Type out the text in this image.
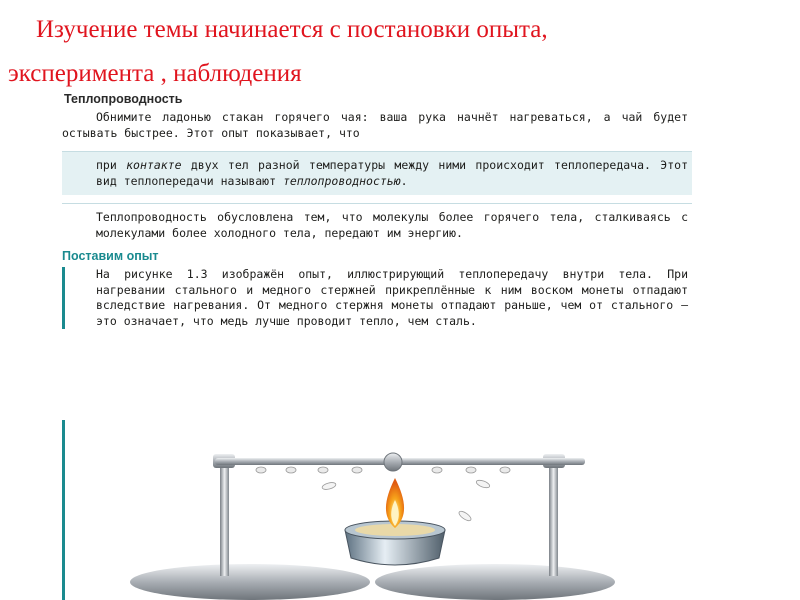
Изучение темы начинается с постановки опыта,
эксперимента , наблюдения
Теплопроводность

Обнимите ладонью стакан горячего чая: ваша рука начнёт нагреваться, а чай будет остывать быстрее. Этот опыт показывает, что

при контакте двух тел разной температуры между ними происходит теплопередача. Этот вид теплопередачи называют теплопроводностью.

Теплопроводность обусловлена тем, что молекулы более горячего тела, сталкиваясь с молекулами более холодного тела, передают им энергию.

Поставим опыт
На рисунке 1.3 изображён опыт, иллюстрирующий теплопередачу внутри тела. При нагревании стального и медного стержней прикреплённые к ним воском монеты отпадают вследствие нагревания. От медного стержня монеты отпадают раньше, чем от стального — это означает, что медь лучше проводит тепло, чем сталь.
